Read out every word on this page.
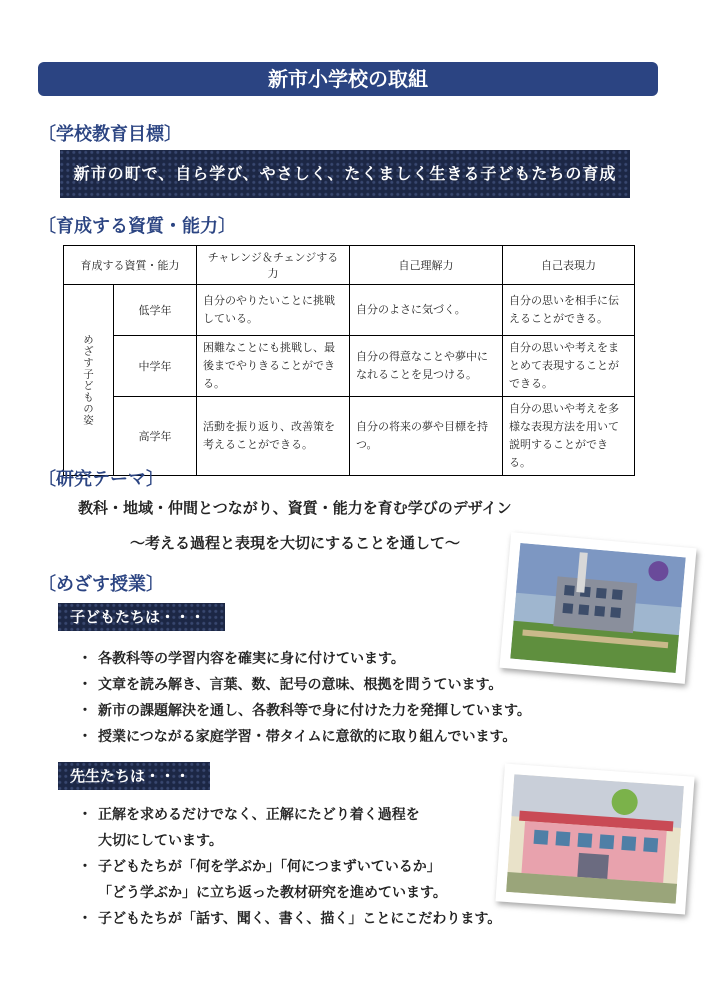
新市小学校の取組
〔学校教育目標〕
新市の町で、自ら学び、やさしく、たくましく生きる子どもたちの育成
〔育成する資質・能力〕
育成する資質・能力		チャレンジ＆チェンジする力	自己理解力	自己表現力
めざす子どもの姿	低学年	自分のやりたいことに挑戦している。	自分のよさに気づく。	自分の思いを相手に伝えることができる。
	中学年	困難なことにも挑戦し、最後までやりきることができる。	自分の得意なことや夢中になれることを見つける。	自分の思いや考えをまとめて表現することができる。
	高学年	活動を振り返り、改善策を考えることができる。	自分の将来の夢や目標を持つ。	自分の思いや考えを多様な表現方法を用いて説明することができる。
〔研究テーマ〕
教科・地域・仲間とつながり、資質・能力を育む学びのデザイン
～考える過程と表現を大切にすることを通して～
〔めざす授業〕
子どもたちは・・・
・ 各教科等の学習内容を確実に身に付けています。
・ 文章を読み解き、言葉、数、記号の意味、根拠を問うています。
・ 新市の課題解決を通し、各教科等で身に付けた力を発揮しています。
・ 授業につながる家庭学習・帯タイムに意欲的に取り組んでいます。
先生たちは・・・
・ 正解を求めるだけでなく、正解にたどり着く過程を
大切にしています。
・ 子どもたちが「何を学ぶか」「何につまずいているか」
「どう学ぶか」に立ち返った教材研究を進めています。
・ 子どもたちが「話す、聞く、書く、描く」ことにこだわります。
